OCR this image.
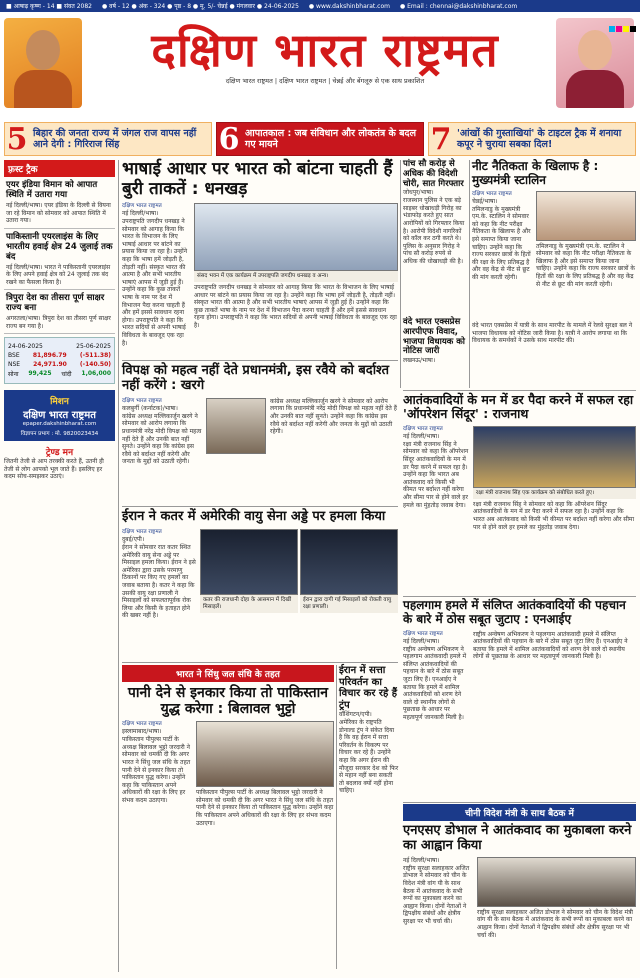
■ आषाढ़ कृष्ण - 14 ■ संवत 2082 ● वर्ष - 12 ● अंक - 324 ● पृष्ठ - 8 ● मू. 5/- चेन्नई ● मंगलवार ● 24-06-2025 ● www.dakshinbharat.com ● Email : chennai@dakshinbharat.com
दक्षिण भारत राष्ट्रमत
दक्षिण भारत राष्ट्रमत | दक्षिण भारत राष्ट्रमत | चेन्नई और बेंगलूरु से एक साथ प्रकाशित
5 बिहार की जनता राज्य में जंगल राज वापस नहीं आने देगी : गिरिराज सिंह	6 आपातकाल : जब संविधान और लोकतंत्र के बदल गए मायने	7 'आंखों की गुस्ताखियां' के टाइटल ट्रैक में शनाया कपूर ने चुराया सबका दिल!
फ़्रस्ट ट्रैक
एयर इंडिया विमान को आपात स्थिति में उतारा गया

नई दिल्ली/भाषा। एयर इंडिया के दिल्ली से वियना जा रहे विमान को सोमवार को आपात स्थिति में उतारा गया।

पाकिस्तानी एयरलाइंस के लिए भारतीय हवाई क्षेत्र 24 जुलाई तक बंद

नई दिल्ली/भाषा। भारत ने पाकिस्तानी एयरलाइंस के लिए अपने हवाई क्षेत्र को 24 जुलाई तक बंद रखने का फैसला किया है।

त्रिपुरा देश का तीसरा पूर्ण साक्षर राज्य बना

अगरतला/भाषा। त्रिपुरा देश का तीसरा पूर्ण साक्षर राज्य बन गया है।

24-06-2025	25-06-2025
BSE 81,896.79 (-511.38)
NSE 24,971.90 (-140.50)
सोना 99,425 चांदी 1,06,000
मिशन
दक्षिण भारत राष्ट्रमत
epaper.dakshinbharat.com
विज्ञापन प्रभाग : मो. 9820023434
ट्रेण्ड मन

जितनी तेजी से आप तरक्की करते हैं, उतनी ही तेजी से लोग आपको भूल जाते हैं। इसलिए हर कदम सोच-समझकर उठाएं।

भाषाई आधार पर भारत को बांटना चाहती हैं बुरी ताकतें : धनखड़
दक्षिण भारत राष्ट्रमत
नई दिल्ली/भाषा।
उपराष्ट्रपति जगदीप धनखड़ ने सोमवार को आगाह किया कि भारत के विभाजन के लिए भाषाई आधार पर बांटने का प्रयास किया जा रहा है। उन्होंने कहा कि भाषा हमें जोड़ती है, तोड़ती नहीं। संस्कृत भारत की आत्मा है और सभी भारतीय भाषाएं आपस में जुड़ी हुई हैं। उन्होंने कहा कि कुछ ताकतें भाषा के नाम पर देश में विभाजन पैदा करना चाहती हैं और हमें इससे सावधान रहना होगा। उपराष्ट्रपति ने कहा कि भारत सदियों से अपनी भाषाई विविधता के बावजूद एक रहा है।
संसद भवन में एक कार्यक्रम में उपराष्ट्रपति जगदीप धनखड़ व अन्य।
उपराष्ट्रपति जगदीप धनखड़ ने सोमवार को आगाह किया कि भारत के विभाजन के लिए भाषाई आधार पर बांटने का प्रयास किया जा रहा है। उन्होंने कहा कि भाषा हमें जोड़ती है, तोड़ती नहीं। संस्कृत भारत की आत्मा है और सभी भारतीय भाषाएं आपस में जुड़ी हुई हैं। उन्होंने कहा कि कुछ ताकतें भाषा के नाम पर देश में विभाजन पैदा करना चाहती हैं और हमें इससे सावधान रहना होगा। उपराष्ट्रपति ने कहा कि भारत सदियों से अपनी भाषाई विविधता के बावजूद एक रहा है।
पांच सौ करोड़ से अधिक की विदेशी चोरी, सात गिरफ्तार
जोधपुर/भाषा।
राजस्थान पुलिस ने एक बड़े साइबर धोखाधड़ी गिरोह का भंडाफोड़ करते हुए सात आरोपियों को गिरफ्तार किया है। आरोपी विदेशी नागरिकों को कॉल कर ठगी करते थे। पुलिस के अनुसार गिरोह ने पांच सौ करोड़ रुपये से अधिक की धोखाधड़ी की है।
नीट नैतिकता के खिलाफ है : मुख्यमंत्री स्टालिन
दक्षिण भारत राष्ट्रमत
चेन्नई/भाषा।
तमिलनाडु के मुख्यमंत्री एम.के. स्टालिन ने सोमवार को कहा कि नीट परीक्षा नैतिकता के खिलाफ है और इसे समाप्त किया जाना चाहिए। उन्होंने कहा कि राज्य सरकार छात्रों के हितों की रक्षा के लिए प्रतिबद्ध है और वह केंद्र से नीट से छूट की मांग करती रहेगी।
तमिलनाडु के मुख्यमंत्री एम.के. स्टालिन ने सोमवार को कहा कि नीट परीक्षा नैतिकता के खिलाफ है और इसे समाप्त किया जाना चाहिए। उन्होंने कहा कि राज्य सरकार छात्रों के हितों की रक्षा के लिए प्रतिबद्ध है और वह केंद्र से नीट से छूट की मांग करती रहेगी।
विपक्ष को महत्व नहीं देते प्रधानमंत्री, इस रवैये को बर्दाश्त नहीं करेंगे : खरगे
दक्षिण भारत राष्ट्रमत
कलबुर्गी (कर्नाटक)/भाषा।
कांग्रेस अध्यक्ष मल्लिकार्जुन खरगे ने सोमवार को आरोप लगाया कि प्रधानमंत्री नरेंद्र मोदी विपक्ष को महत्व नहीं देते हैं और उनकी बात नहीं सुनते। उन्होंने कहा कि कांग्रेस इस रवैये को बर्दाश्त नहीं करेगी और जनता के मुद्दों को उठाती रहेगी।
कांग्रेस अध्यक्ष मल्लिकार्जुन खरगे ने सोमवार को आरोप लगाया कि प्रधानमंत्री नरेंद्र मोदी विपक्ष को महत्व नहीं देते हैं और उनकी बात नहीं सुनते। उन्होंने कहा कि कांग्रेस इस रवैये को बर्दाश्त नहीं करेगी और जनता के मुद्दों को उठाती रहेगी।
वंदे भारत एक्सप्रेस में यात्री के साथ मारपीट के मामले में रेलवे सुरक्षा बल ने भाजपा विधायक को नोटिस जारी किया है। यात्री ने आरोप लगाया था कि विधायक के समर्थकों ने उसके साथ मारपीट की।
वंदे भारत एक्सप्रेस आरपीएफ विवाद, भाजपा विधायक को नोटिस जारी
लखनऊ/भाषा।
आतंकवादियों के मन में डर पैदा करने में सफल रहा 'ऑपरेशन सिंदूर' : राजनाथ
दक्षिण भारत राष्ट्रमत
नई दिल्ली/भाषा।
रक्षा मंत्री राजनाथ सिंह ने सोमवार को कहा कि ऑपरेशन सिंदूर आतंकवादियों के मन में डर पैदा करने में सफल रहा है। उन्होंने कहा कि भारत अब आतंकवाद को किसी भी कीमत पर बर्दाश्त नहीं करेगा और सीमा पार से होने वाले हर हमले का मुंहतोड़ जवाब देगा।
रक्षा मंत्री राजनाथ सिंह एक कार्यक्रम को संबोधित करते हुए।
रक्षा मंत्री राजनाथ सिंह ने सोमवार को कहा कि ऑपरेशन सिंदूर आतंकवादियों के मन में डर पैदा करने में सफल रहा है। उन्होंने कहा कि भारत अब आतंकवाद को किसी भी कीमत पर बर्दाश्त नहीं करेगा और सीमा पार से होने वाले हर हमले का मुंहतोड़ जवाब देगा।
ईरान ने कतर में अमेरिकी वायु सेना अड्डे पर हमला किया
दक्षिण भारत राष्ट्रमत
दुबई/एपी।
ईरान ने सोमवार रात कतर स्थित अमेरिकी वायु सेना अड्डे पर मिसाइल हमला किया। ईरान ने इसे अमेरिका द्वारा उसके परमाणु ठिकानों पर किए गए हमलों का जवाब बताया है। कतर ने कहा कि उसकी वायु रक्षा प्रणाली ने मिसाइलों को सफलतापूर्वक रोक लिया और किसी के हताहत होने की खबर नहीं है।
कतर की राजधानी दोहा के आसमान में दिखीं मिसाइलें।
ईरान द्वारा दागी गई मिसाइलों को रोकती वायु रक्षा प्रणाली।	पहलगाम हमले में संलिप्त आतंकवादियों की पहचान के बारे में ठोस सबूत जुटाए : एनआईए
दक्षिण भारत राष्ट्रमत
नई दिल्ली/भाषा।
राष्ट्रीय अन्वेषण अभिकरण ने पहलगाम आतंकवादी हमले में संलिप्त आतंकवादियों की पहचान के बारे में ठोस सबूत जुटा लिए हैं। एनआईए ने बताया कि हमले में शामिल आतंकवादियों को शरण देने वाले दो स्थानीय लोगों से पूछताछ के आधार पर महत्वपूर्ण जानकारी मिली है।
राष्ट्रीय अन्वेषण अभिकरण ने पहलगाम आतंकवादी हमले में संलिप्त आतंकवादियों की पहचान के बारे में ठोस सबूत जुटा लिए हैं। एनआईए ने बताया कि हमले में शामिल आतंकवादियों को शरण देने वाले दो स्थानीय लोगों से पूछताछ के आधार पर महत्वपूर्ण जानकारी मिली है।
भारत ने सिंधु जल संधि के तहत
पानी देने से इनकार किया तो पाकिस्तान युद्ध करेगा : बिलावल भुट्टो
दक्षिण भारत राष्ट्रमत
इस्लामाबाद/भाषा।
पाकिस्तान पीपुल्स पार्टी के अध्यक्ष बिलावल भुट्टो जरदारी ने सोमवार को धमकी दी कि अगर भारत ने सिंधु जल संधि के तहत पानी देने से इनकार किया तो पाकिस्तान युद्ध करेगा। उन्होंने कहा कि पाकिस्तान अपने अधिकारों की रक्षा के लिए हर संभव कदम उठाएगा।
पाकिस्तान पीपुल्स पार्टी के अध्यक्ष बिलावल भुट्टो जरदारी ने सोमवार को धमकी दी कि अगर भारत ने सिंधु जल संधि के तहत पानी देने से इनकार किया तो पाकिस्तान युद्ध करेगा। उन्होंने कहा कि पाकिस्तान अपने अधिकारों की रक्षा के लिए हर संभव कदम उठाएगा।
ईरान में सत्ता परिवर्तन का विचार कर रहे हैं ट्रंप
वॉशिंगटन/एपी।
अमेरिका के राष्ट्रपति डोनाल्ड ट्रंप ने संकेत दिया है कि वह ईरान में सत्ता परिवर्तन के विकल्प पर विचार कर रहे हैं। उन्होंने कहा कि अगर ईरान की मौजूदा सरकार देश को फिर से महान नहीं बना सकती तो बदलाव क्यों नहीं होना चाहिए।
चीनी विदेश मंत्री के साथ बैठक में
एनएसए डोभाल ने आतंकवाद का मुकाबला करने का आह्वान किया
नई दिल्ली/भाषा।
राष्ट्रीय सुरक्षा सलाहकार अजित डोभाल ने सोमवार को चीन के विदेश मंत्री वांग यी के साथ बैठक में आतंकवाद के सभी रूपों का मुकाबला करने का आह्वान किया। दोनों नेताओं ने द्विपक्षीय संबंधों और क्षेत्रीय सुरक्षा पर भी चर्चा की।
राष्ट्रीय सुरक्षा सलाहकार अजित डोभाल ने सोमवार को चीन के विदेश मंत्री वांग यी के साथ बैठक में आतंकवाद के सभी रूपों का मुकाबला करने का आह्वान किया। दोनों नेताओं ने द्विपक्षीय संबंधों और क्षेत्रीय सुरक्षा पर भी चर्चा की।
